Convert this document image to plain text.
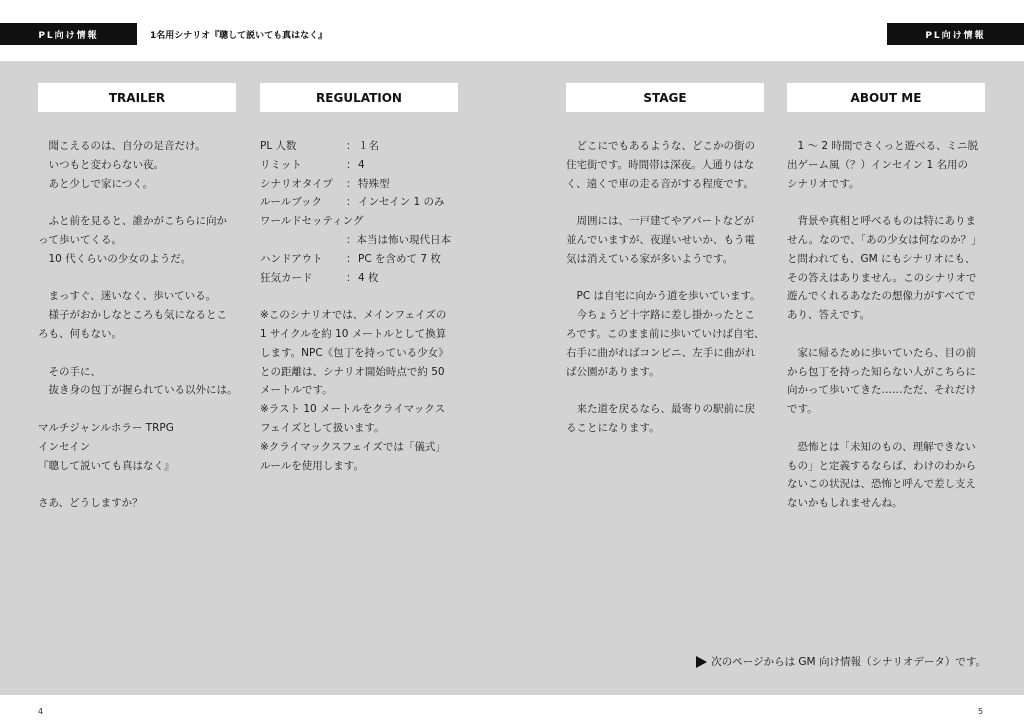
PL向け情報	1名用シナリオ『聰して説いても真はなく』	PL向け情報
TRAILER
　聞こえるのは、自分の足音だけ。
　いつもと変わらない夜。
　あと少しで家につく。
　ふと前を見ると、誰かがこちらに向か
って歩いてくる。
　10 代くらいの少女のようだ。
　まっすぐ、迷いなく、歩いている。
　様子がおかしなところも気になるとこ
ろも、何もない。
　その手に、
　抜き身の包丁が握られている以外には。
マルチジャンルホラー TRPG
インセイン
『聰して説いても真はなく』
さあ、どうしますか？
REGULATION
PL 人数	： １名
リミット	： 4
シナリオタイプ	： 特殊型
ルールブック	： インセイン 1 のみ
ワールドセッティング
：本当は怖い現代日本
ハンドアウト	： PC を含めて 7 枚
狂気カード	： 4 枚
※このシナリオでは、メインフェイズの
1 サイクルを約 10 メートルとして換算
します。NPC《包丁を持っている少女》
との距離は、シナリオ開始時点で約 50
メートルです。
※ラスト 10 メートルをクライマックス
フェイズとして扱います。
※クライマックスフェイズでは「儀式」
ルールを使用します。
STAGE
　どこにでもあるような、どこかの街の
住宅街です。時間帯は深夜。人通りはな
く、遠くで車の走る音がする程度です。
　周囲には、一戸建てやアパートなどが
並んでいますが、夜遅いせいか、もう電
気は消えている家が多いようです。
　PC は自宅に向かう道を歩いています。
　今ちょうど十字路に差し掛かったとこ
ろです。このまま前に歩いていけば自宅、
右手に曲がればコンビニ、左手に曲がれ
ば公園があります。
　来た道を戻るなら、最寄りの駅前に戻
ることになります。
ABOUT ME
　1 ～ 2 時間でさくっと遊べる、ミニ脱
出ゲーム風（？）インセイン 1 名用の
シナリオです。
　背景や真相と呼べるものは特にありま
せん。なので、「あの少女は何なのか？」
と問われても、GM にもシナリオにも、
その答えはありません。このシナリオで
遊んでくれるあなたの想像力がすべてで
あり、答えです。
　家に帰るために歩いていたら、目の前
から包丁を持った知らない人がこちらに
向かって歩いてきた……ただ、それだけ
です。
　恐怖とは「未知のもの、理解できない
もの」と定義するならば、わけのわから
ないこの状況は、恐怖と呼んで差し支え
ないかもしれませんね。
次のページからは GM 向け情報（シナリオデータ）です。
4	5
